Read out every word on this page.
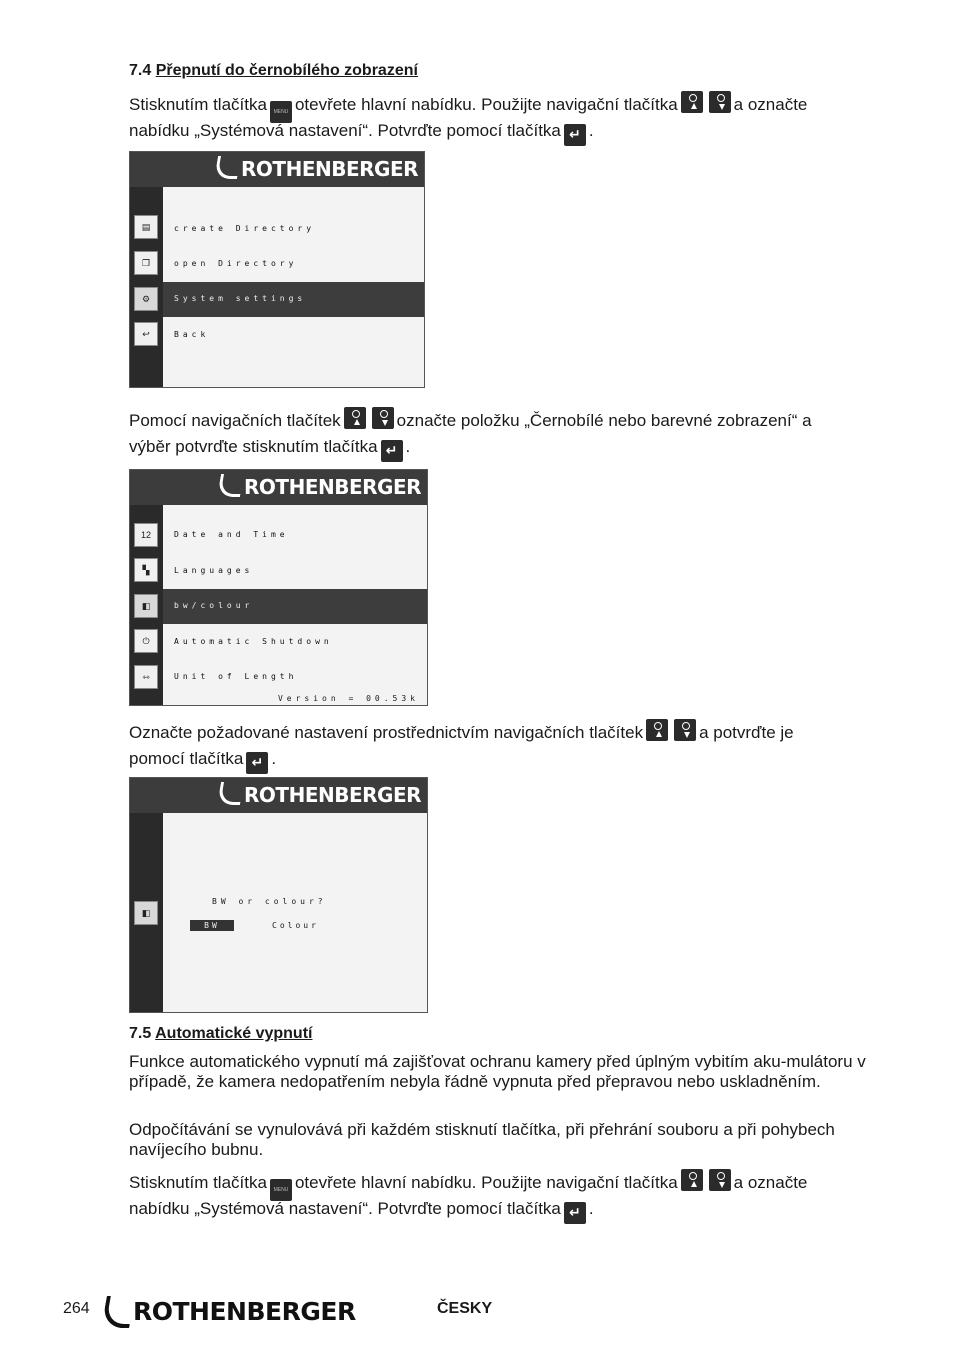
7.4 Přepnutí do černobílého zobrazení
Stisknutím tlačítka MENU otevřete hlavní nabídku. Použijte navigační tlačítka	a označte
nabídku „Systémová nastavení“. Potvrďte pomocí tlačítka ↵ .
ROTHENBERGER
▤
❐
⚙
↩
create Directory
open Directory
System settings
Back
Pomocí navigačních tlačítek	označte položku „Černobílé nebo barevné zobrazení“ a
výběr potvrďte stisknutím tlačítka ↵ .
ROTHENBERGER
12
▚
◧
⏻
⇿
Date and Time
Languages
bw/colour
Automatic Shutdown
Unit of Length
Version = 00.53k
Označte požadované nastavení prostřednictvím navigačních tlačítek	a potvrďte je
pomocí tlačítka ↵ .
ROTHENBERGER
◧
BW or colour?
BW	Colour
7.5 Automatické vypnutí
Funkce automatického vypnutí má zajišťovat ochranu kamery před úplným vybitím aku-mulátoru v případě, že kamera nedopatřením nebyla řádně vypnuta před přepravou nebo uskladněním.
Odpočítávání se vynulovává při každém stisknutí tlačítka, při přehrání souboru a při pohybech navíjecího bubnu.
Stisknutím tlačítka MENU otevřete hlavní nabídku. Použijte navigační tlačítka	a označte
nabídku „Systémová nastavení“. Potvrďte pomocí tlačítka ↵ .
264	ROTHENBERGER	ČESKY
